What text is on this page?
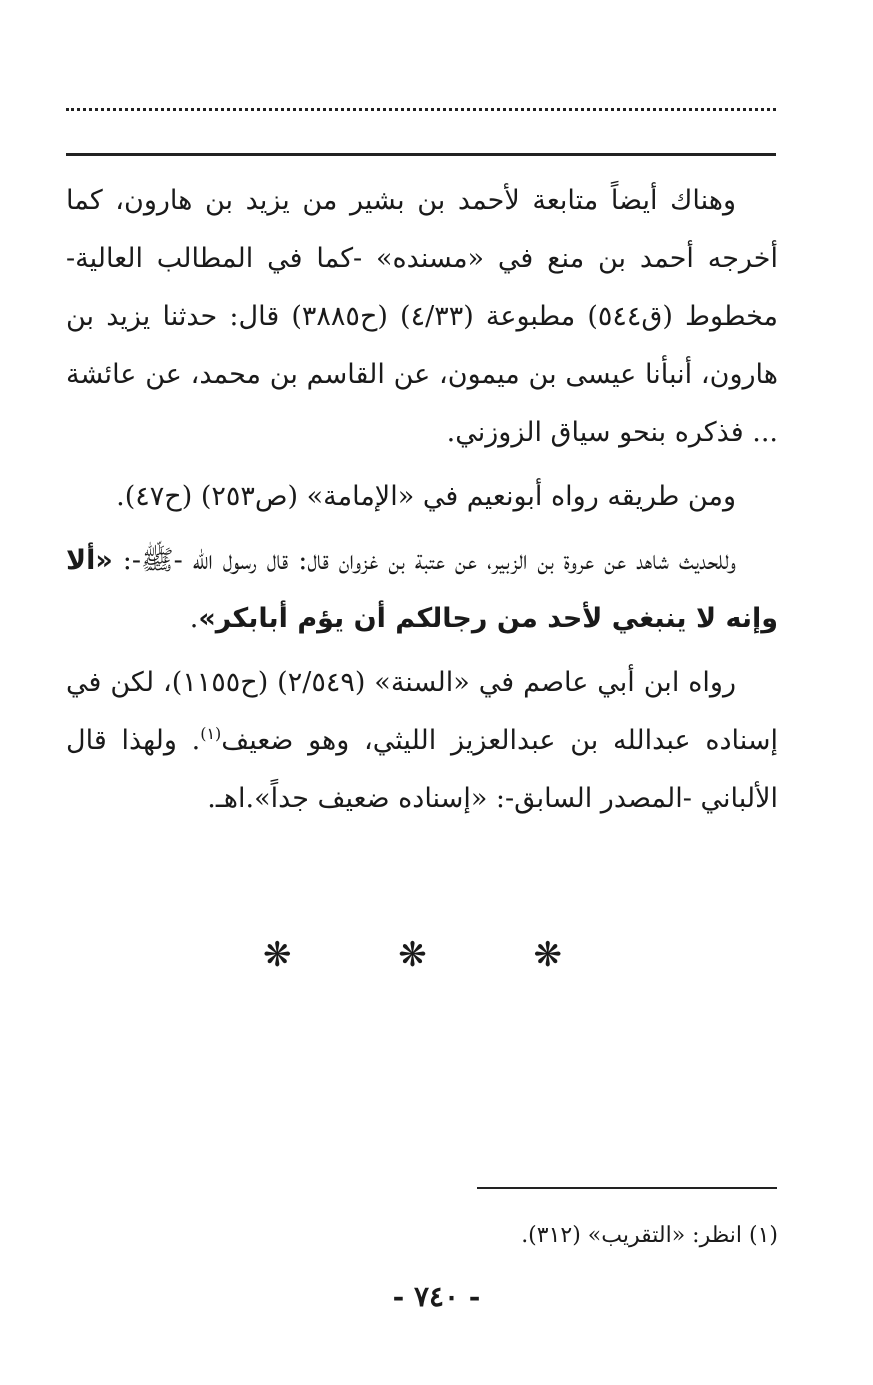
وهناك أيضاً متابعة لأحمد بن بشير من يزيد بن هارون، كما أخرجه أحمد بن منع في «مسنده» -كما في المطالب العالية- مخطوط (ق٥٤٤) مطبوعة (٤/٣٣) (ح٣٨٨٥) قال: حدثنا يزيد بن هارون، أنبأنا عيسى بن ميمون، عن القاسم بن محمد، عن عائشة ... فذكره بنحو سياق الزوزني.

ومن طريقه رواه أبونعيم في «الإمامة» (ص٢٥٣) (ح٤٧).

وللحديث شاهد عن عروة بن الزبير، عن عتبة بن غزوان قال: قال رسول الله -ﷺ-: «ألا وإنه لا ينبغي لأحد من رجالكم أن يؤم أبابكر».

رواه ابن أبي عاصم في «السنة» (٢/٥٤٩) (ح١١٥٥)، لكن في إسناده عبدالله بن عبدالعزيز الليثي، وهو ضعيف$^{(١)}$. ولهذا قال الألباني -المصدر السابق-: «إسناده ضعيف جداً».اهـ.

❋ ❋ ❋
(١) انظر: «التقريب» (٣١٢).
- ٧٤٠ -
